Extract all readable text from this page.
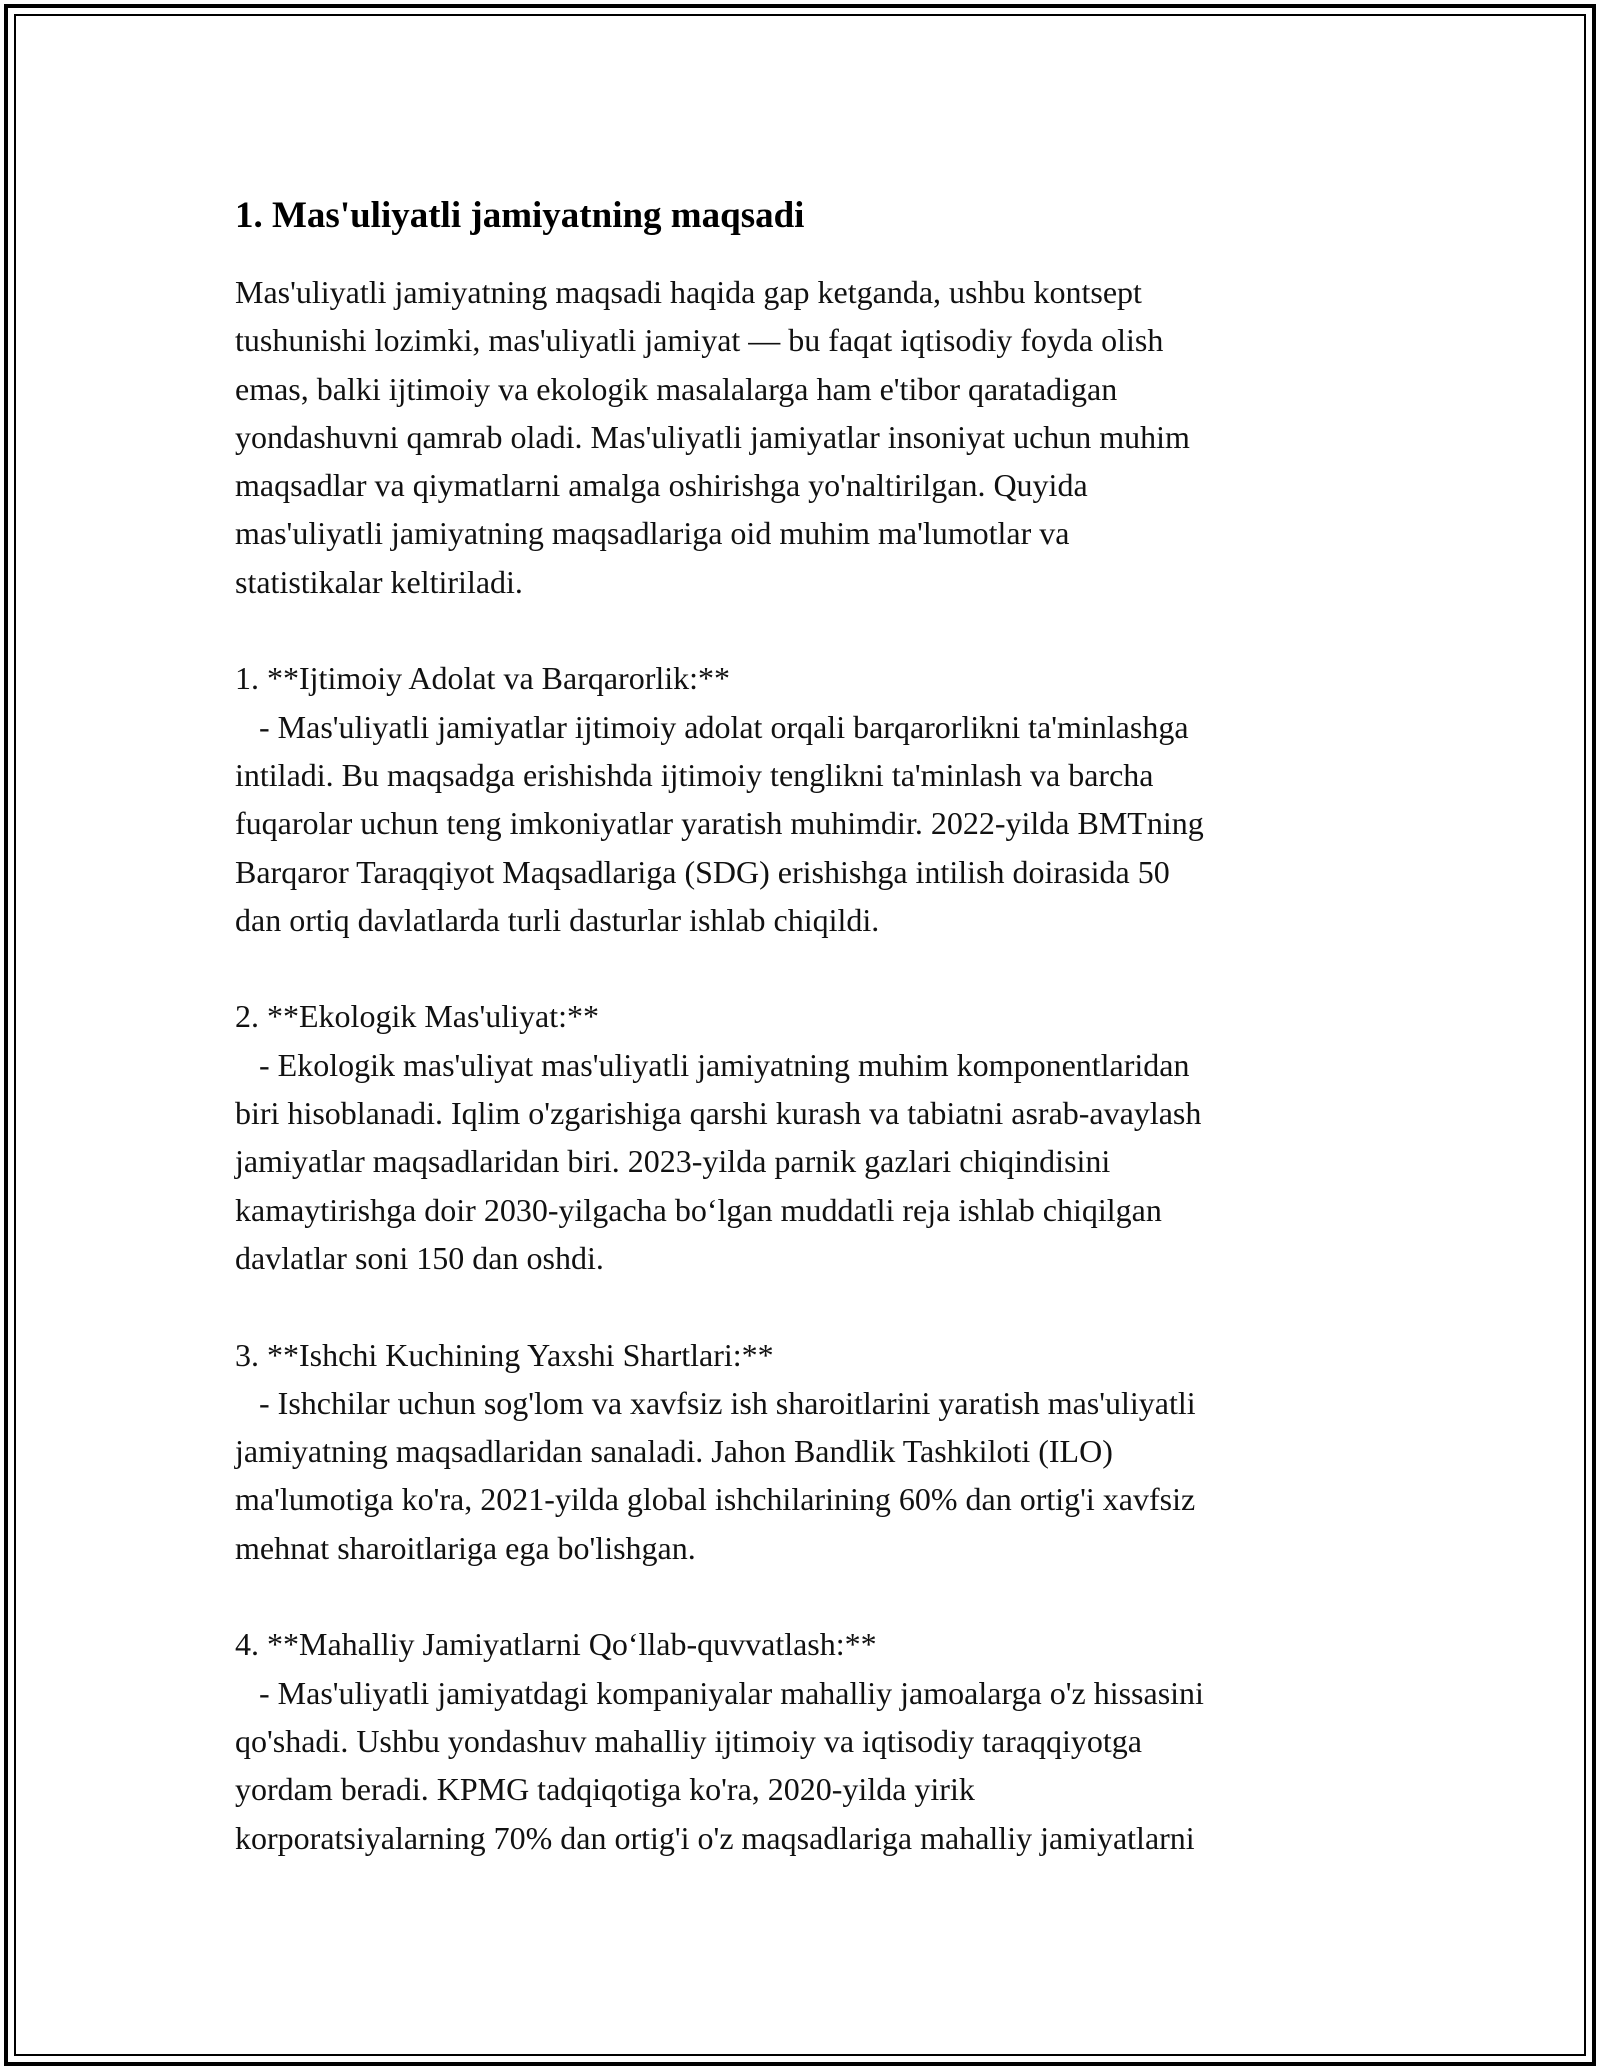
1. Mas'uliyatli jamiyatning maqsadi

Mas'uliyatli jamiyatning maqsadi haqida gap ketganda, ushbu kontsept
tushunishi lozimki, mas'uliyatli jamiyat — bu faqat iqtisodiy foyda olish
emas, balki ijtimoiy va ekologik masalalarga ham e'tibor qaratadigan
yondashuvni qamrab oladi. Mas'uliyatli jamiyatlar insoniyat uchun muhim
maqsadlar va qiymatlarni amalga oshirishga yo'naltirilgan. Quyida
mas'uliyatli jamiyatning maqsadlariga oid muhim ma'lumotlar va
statistikalar keltiriladi.

1. **Ijtimoiy Adolat va Barqarorlik:**

- Mas'uliyatli jamiyatlar ijtimoiy adolat orqali barqarorlikni ta'minlashga
intiladi. Bu maqsadga erishishda ijtimoiy tenglikni ta'minlash va barcha
fuqarolar uchun teng imkoniyatlar yaratish muhimdir. 2022-yilda BMTning
Barqaror Taraqqiyot Maqsadlariga (SDG) erishishga intilish doirasida 50
dan ortiq davlatlarda turli dasturlar ishlab chiqildi.

2. **Ekologik Mas'uliyat:**

- Ekologik mas'uliyat mas'uliyatli jamiyatning muhim komponentlaridan
biri hisoblanadi. Iqlim o'zgarishiga qarshi kurash va tabiatni asrab-avaylash
jamiyatlar maqsadlaridan biri. 2023-yilda parnik gazlari chiqindisini
kamaytirishga doir 2030-yilgacha bo‘lgan muddatli reja ishlab chiqilgan
davlatlar soni 150 dan oshdi.

3. **Ishchi Kuchining Yaxshi Shartlari:**

- Ishchilar uchun sog'lom va xavfsiz ish sharoitlarini yaratish mas'uliyatli
jamiyatning maqsadlaridan sanaladi. Jahon Bandlik Tashkiloti (ILO)
ma'lumotiga ko'ra, 2021-yilda global ishchilarining 60% dan ortig'i xavfsiz
mehnat sharoitlariga ega bo'lishgan.

4. **Mahalliy Jamiyatlarni Qo‘llab-quvvatlash:**

- Mas'uliyatli jamiyatdagi kompaniyalar mahalliy jamoalarga o'z hissasini
qo'shadi. Ushbu yondashuv mahalliy ijtimoiy va iqtisodiy taraqqiyotga
yordam beradi. KPMG tadqiqotiga ko'ra, 2020-yilda yirik
korporatsiyalarning 70% dan ortig'i o'z maqsadlariga mahalliy jamiyatlarni
